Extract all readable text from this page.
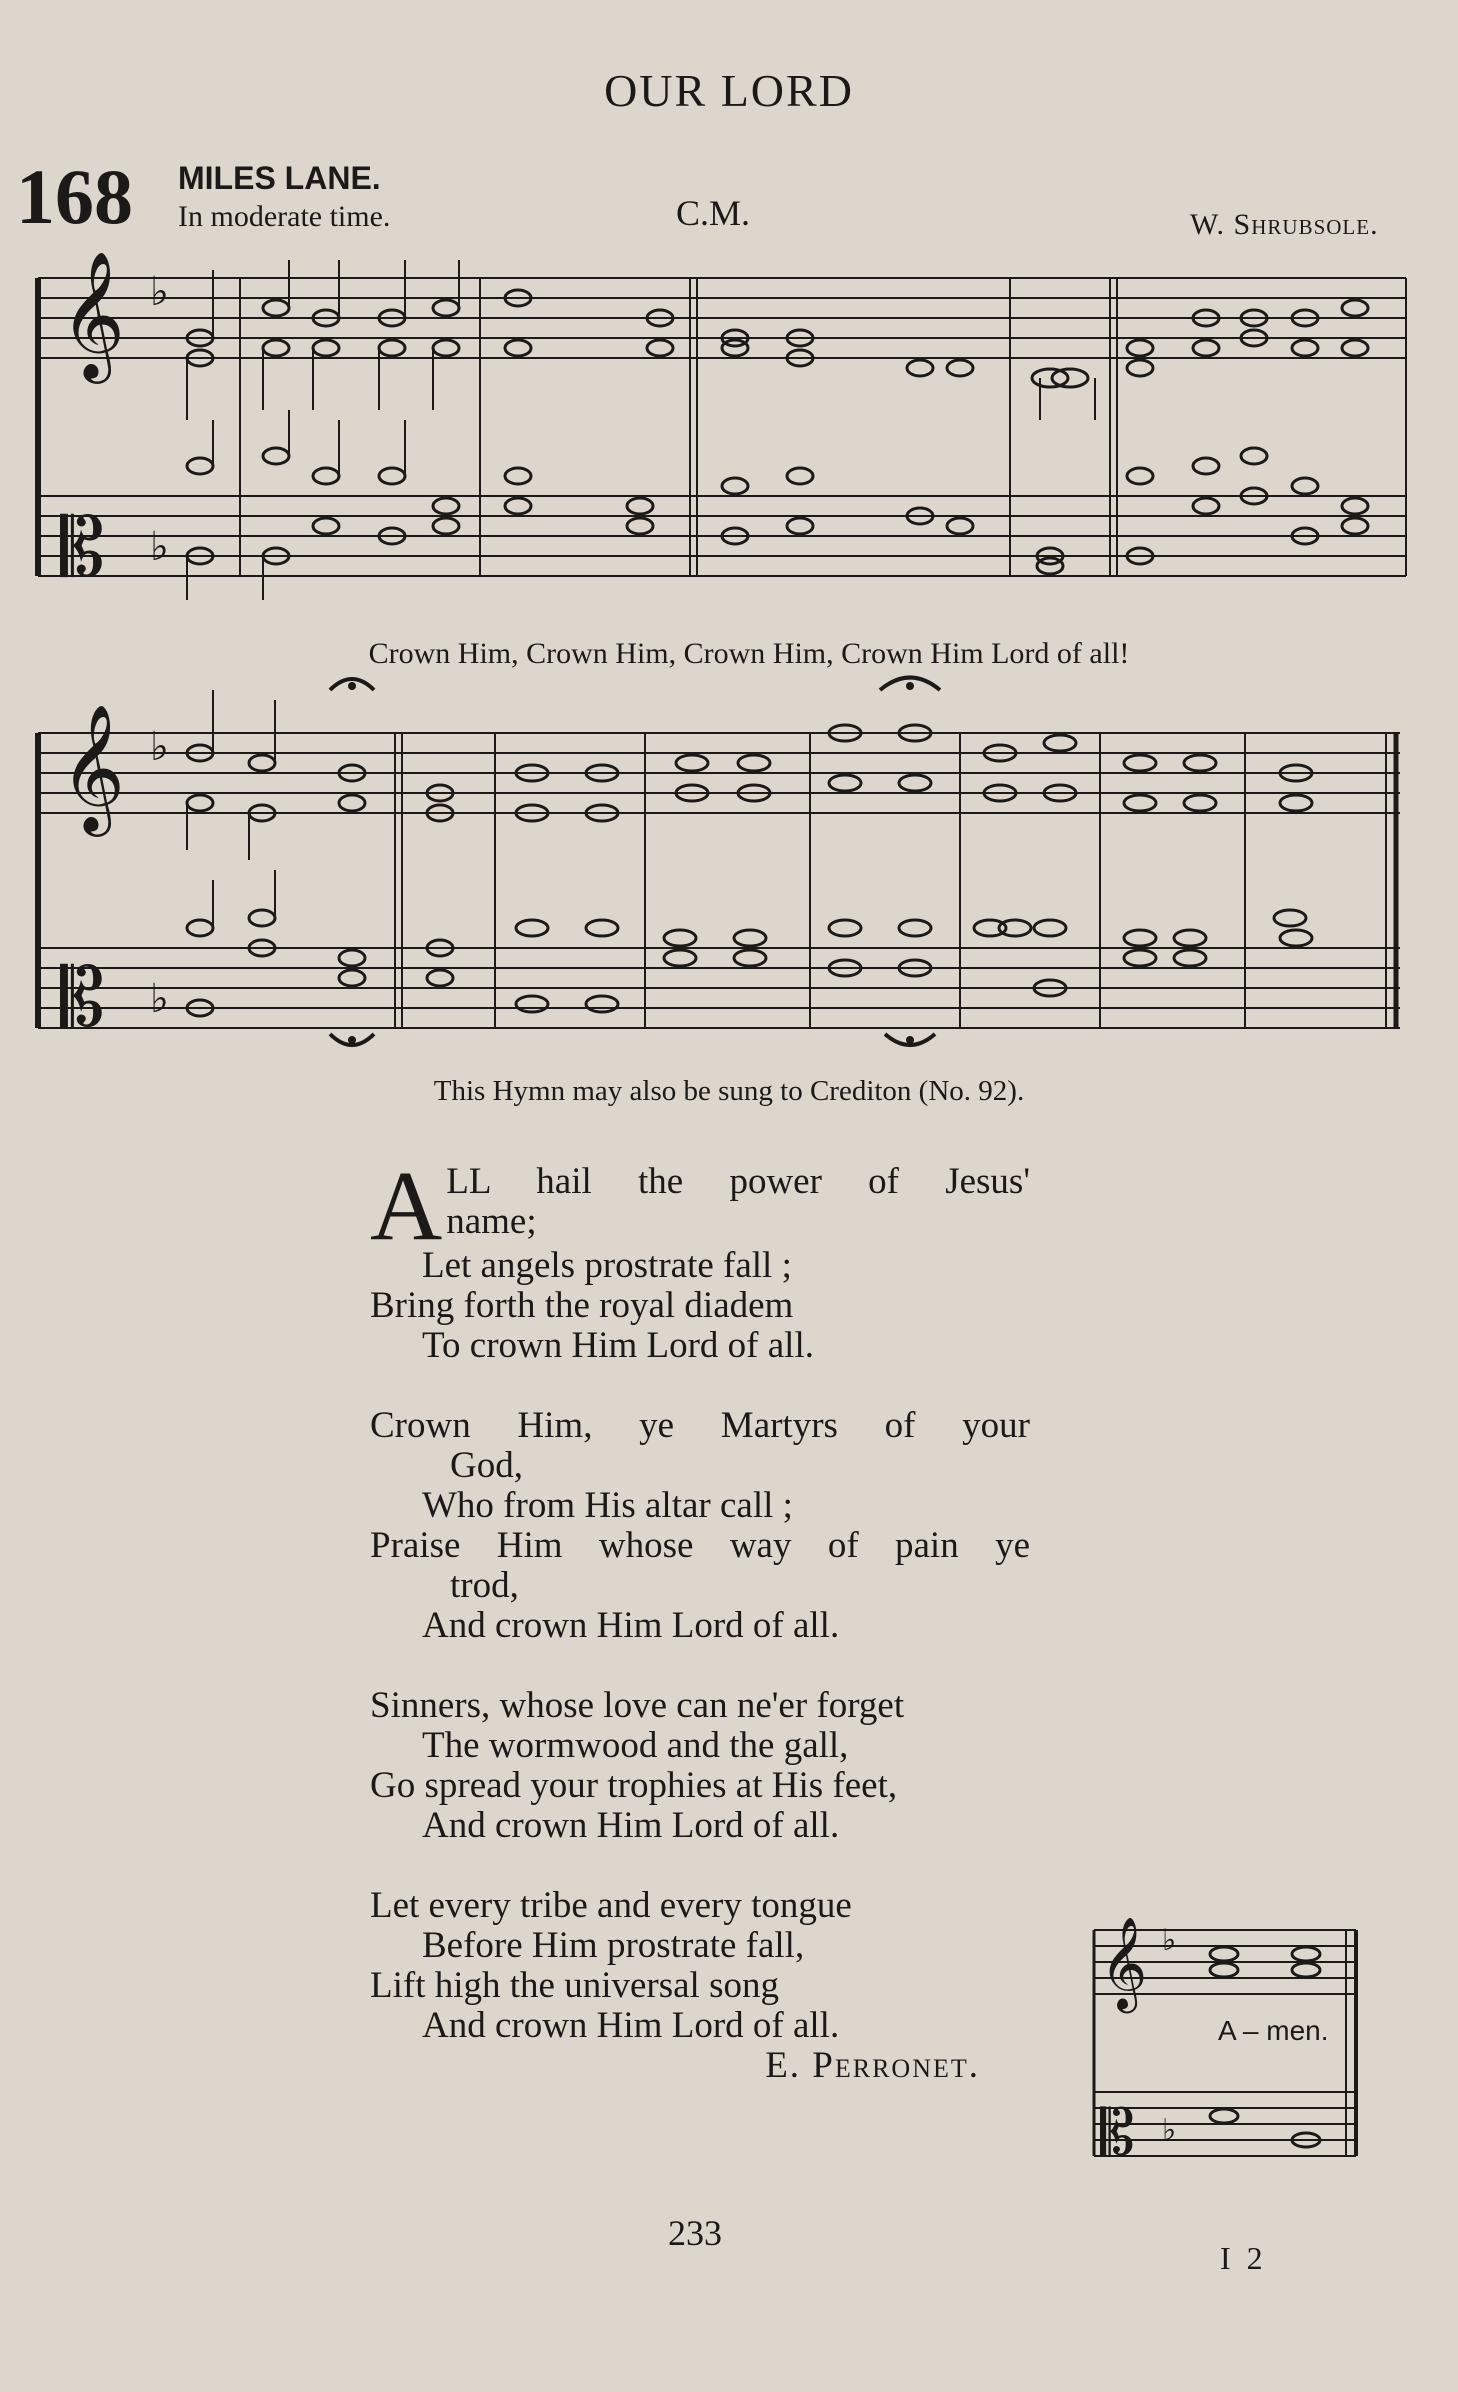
OUR LORD
168 MILES LANE.
In moderate time.	C.M.	W. Shrubsole.
𝄞
𝄡
𝄞
𝄡
𝄞
𝄡
♭
♭
♭
♭
♭
♭
Crown Him, Crown Him, Crown Him, Crown Him Lord of all!
This Hymn may also be sung to Crediton (No. 92).
A LL hail the power of Jesus'
name;
Let angels prostrate fall ;
Bring forth the royal diadem
To crown Him Lord of all.
Crown Him, ye Martyrs of your
God,
Who from His altar call ;
Praise Him whose way of pain ye
trod,
And crown Him Lord of all.
Sinners, whose love can ne'er forget
The wormwood and the gall,
Go spread your trophies at His feet,
And crown Him Lord of all.
Let every tribe and every tongue
Before Him prostrate fall,
Lift high the universal song
And crown Him Lord of all.
E. Perronet.
A – men.
233
I 2
